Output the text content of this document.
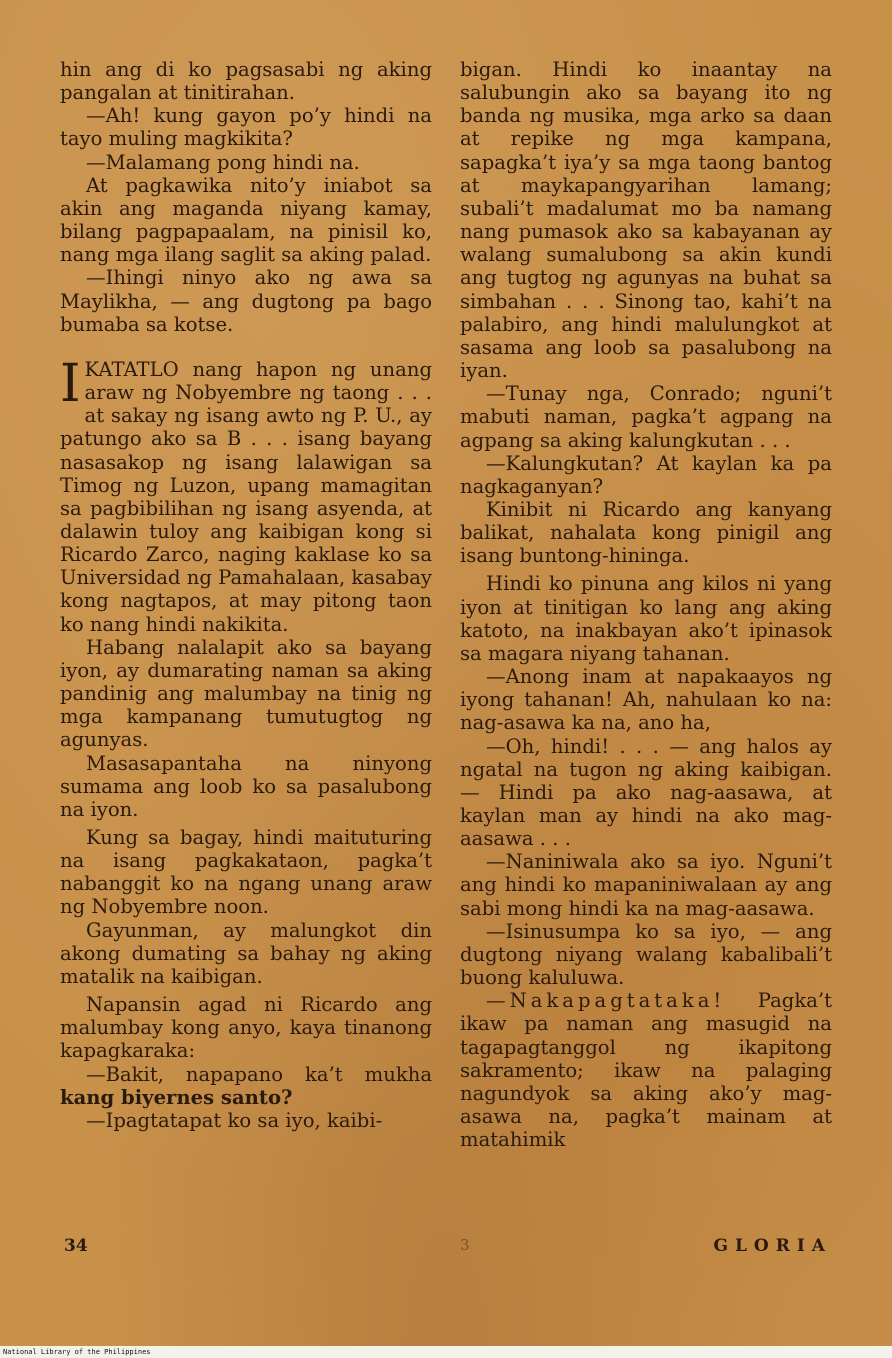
hin ang di ko pagsasabi ng aking pangalan at tinitirahan.

—Ah! kung gayon po’y hindi na tayo muling magkikita?

—Malamang pong hindi na.

At pagkawika nito’y iniabot sa akin ang maganda niyang kamay, bilang pagpapaalam, na pinisil ko, nang mga ilang saglit sa aking palad.

—Ihingi ninyo ako ng awa sa Maylikha, — ang dugtong pa bago bumaba sa kotse.

IKATATLO nang hapon ng unang araw ng Nobyembre ng taong . . . at sakay ng isang awto ng P. U., ay patungo ako sa B . . . isang bayang nasasakop ng isang lalawigan sa Timog ng Luzon, upang mamagitan sa pagbibilihan ng isang asyenda, at dalawin tuloy ang kaibigan kong si Ricardo Zarco, naging kaklase ko sa Universidad ng Pamahalaan, kasabay kong nagtapos, at may pitong taon ko nang hindi nakikita.

Habang nalalapit ako sa bayang iyon, ay dumarating naman sa aking pandinig ang malumbay na tinig ng mga kampanang tumutugtog ng agunyas.

Masasapantaha na ninyong sumama ang loob ko sa pasalubong na iyon.

Kung sa bagay, hindi maituturing na isang pagkakataon, pagka’t nabanggit ko na ngang unang araw ng Nobyembre noon.

Gayunman, ay malungkot din akong dumating sa bahay ng aking matalik na kaibigan.

Napansin agad ni Ricardo ang malumbay kong anyo, kaya tinanong kapagkaraka:

—Bakit, napapano ka’t mukha kang biyernes santo?

—Ipagtatapat ko sa iyo, kaibi-

bigan. Hindi ko inaantay na salubungin ako sa bayang ito ng banda ng musika, mga arko sa daan at repike ng mga kampana, sapagka’t iya’y sa mga taong bantog at maykapangyarihan lamang; subali’t madalumat mo ba namang nang pumasok ako sa kabayanan ay walang sumalubong sa akin kundi ang tugtog ng agunyas na buhat sa simbahan . . . Sinong tao, kahi’t na palabiro, ang hindi malulungkot at sasama ang loob sa pasalubong na iyan.

—Tunay nga, Conrado; nguni’t mabuti naman, pagka’t agpang na agpang sa aking kalungkutan . . .

—Kalungkutan? At kaylan ka pa nagkaganyan?

Kinibit ni Ricardo ang kanyang balikat, nahalata kong pinigil ang isang buntong-hininga.

Hindi ko pinuna ang kilos ni yang iyon at tinitigan ko lang ang aking katoto, na inakbayan ako’t ipinasok sa magara niyang tahanan.

—Anong inam at napakaayos ng iyong tahanan! Ah, nahulaan ko na: nag-asawa ka na, ano ha,

—Oh, hindi! . . . — ang halos ay ngatal na tugon ng aking kaibigan. — Hindi pa ako nag-aasawa, at kaylan man ay hindi na ako mag-aasawa . . .

—Naniniwala ako sa iyo. Nguni’t ang hindi ko mapaniniwalaan ay ang sabi mong hindi ka na mag-aasawa.

—Isinusumpa ko sa iyo, — ang dugtong niyang walang kabalibali’t buong kaluluwa.

—Nakapagtataka! Pagka’t ikaw pa naman ang masugid na tagapagtanggol ng ikapitong sakramento; ikaw na palaging nagundyok sa aking ako’y mag-asawa na, pagka’t mainam at matahimik

34	3	GLORIA
National Library of the Philippines
